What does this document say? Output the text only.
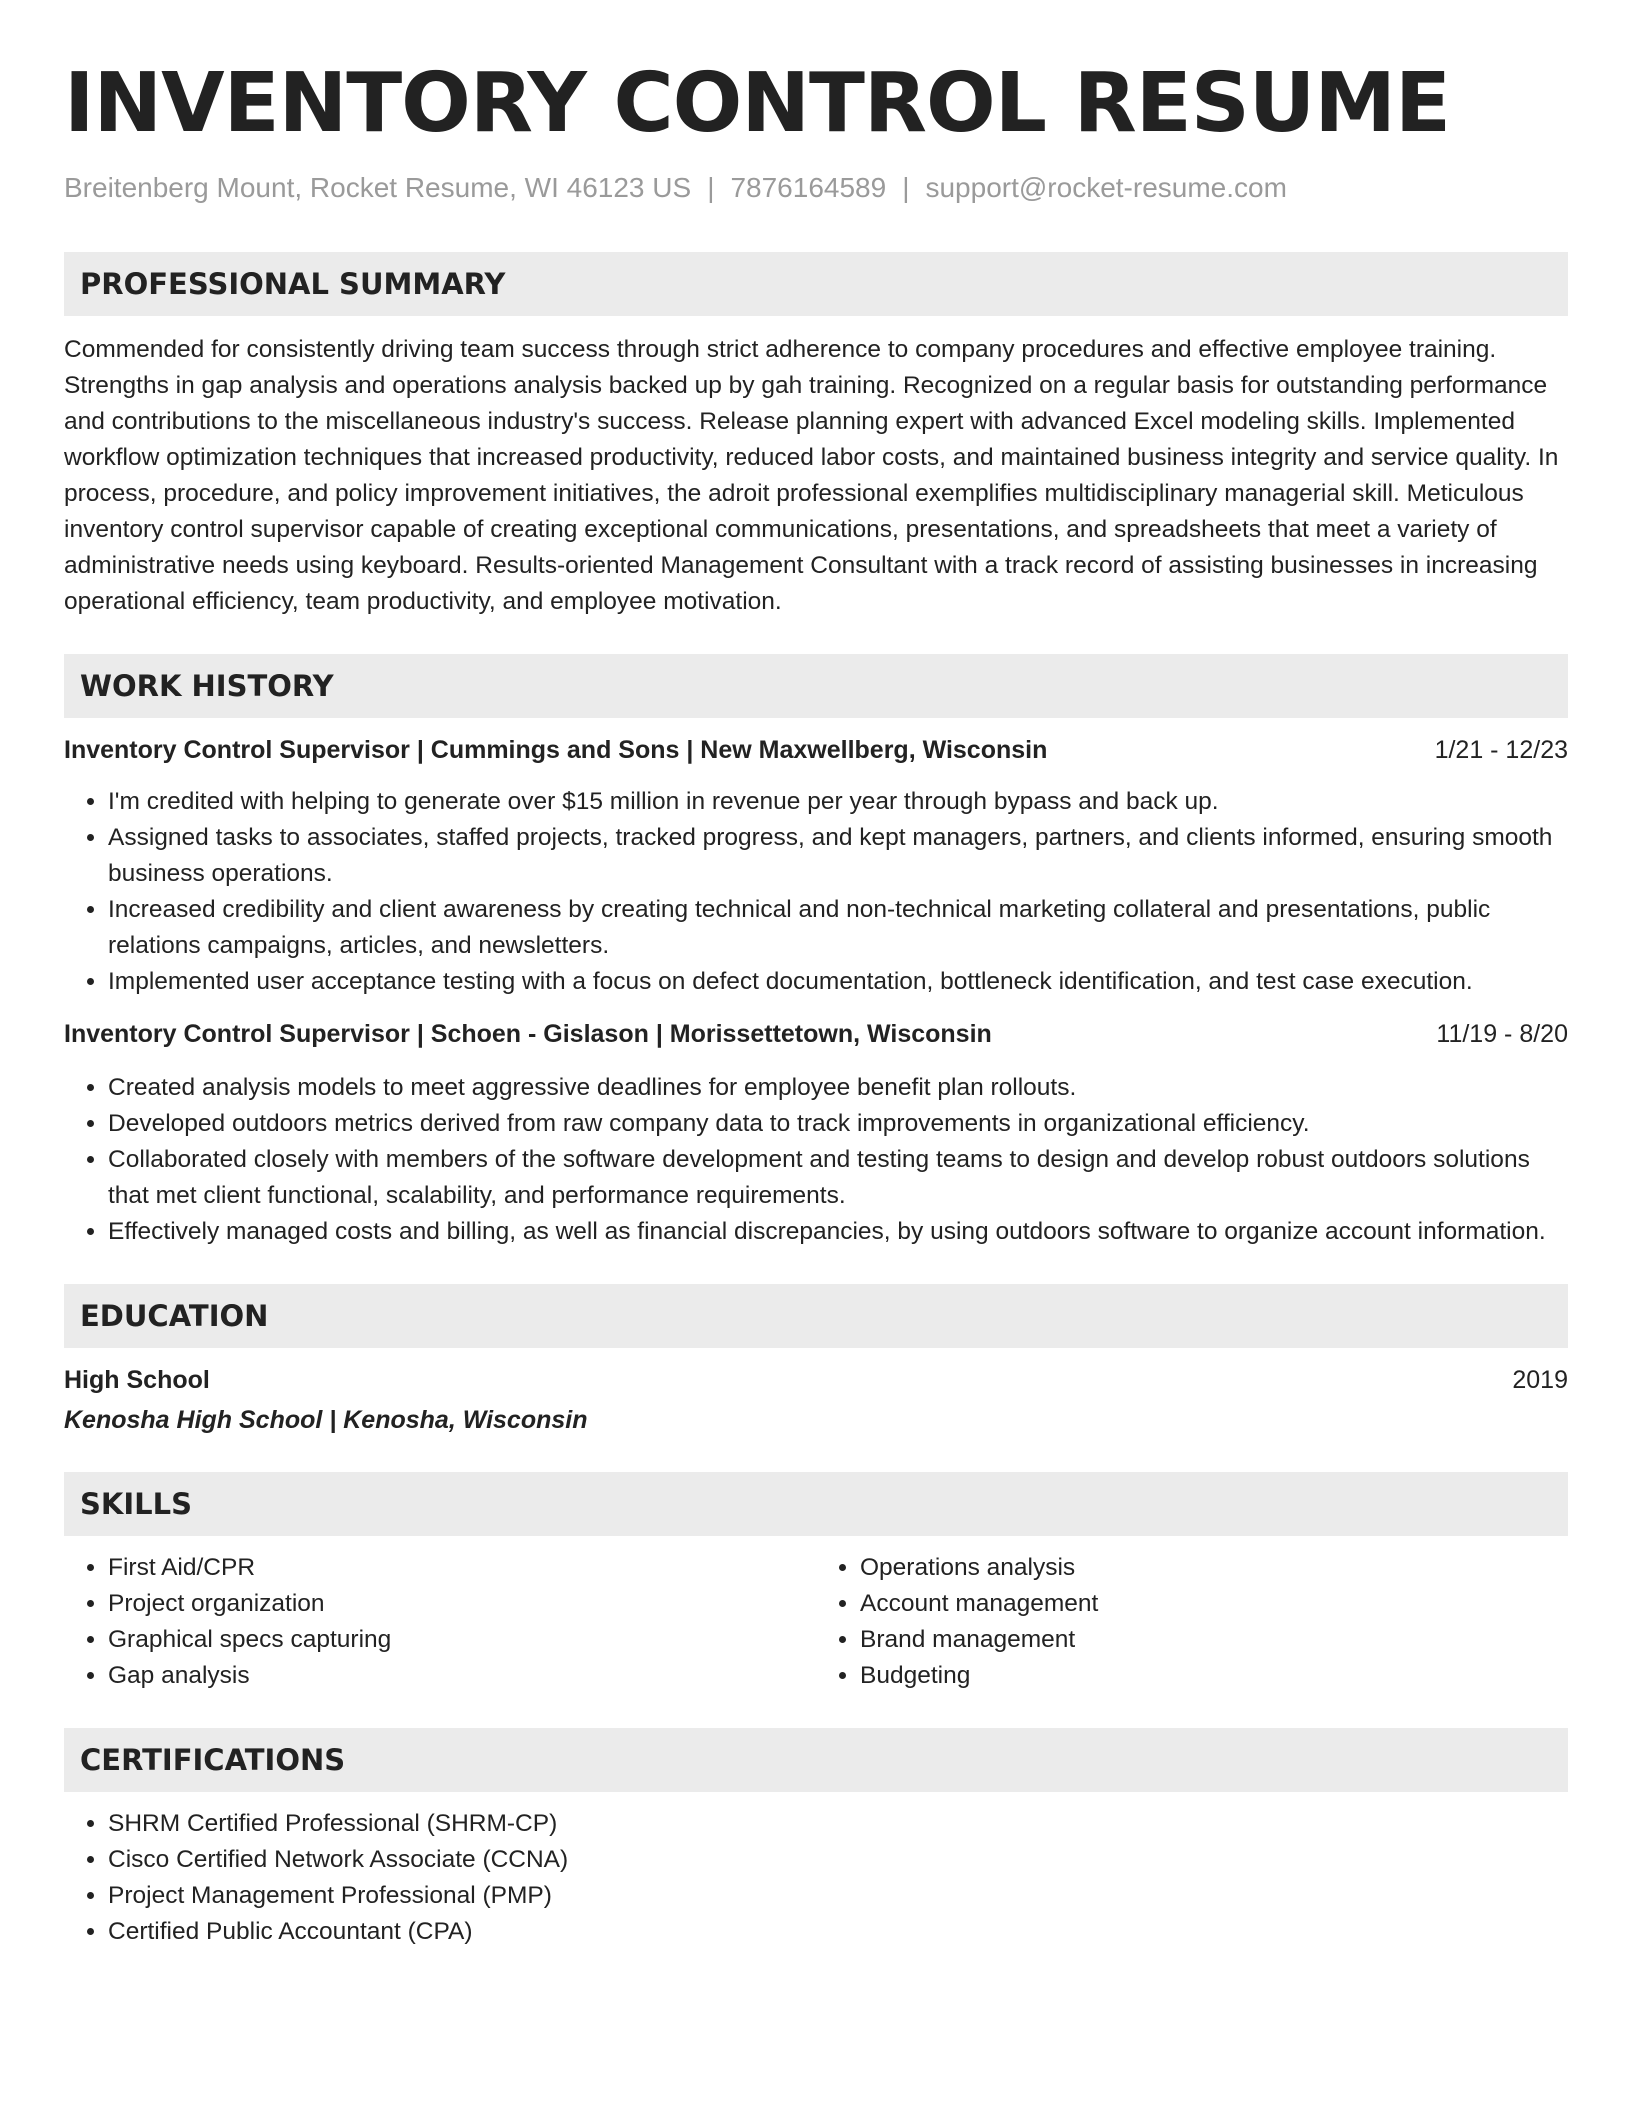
INVENTORY CONTROL RESUME
Breitenberg Mount, Rocket Resume, WI 46123 US | 7876164589 | support@rocket-resume.com
PROFESSIONAL SUMMARY

Commended for consistently driving team success through strict adherence to company procedures and effective employee training. Strengths in gap analysis and operations analysis backed up by gah training. Recognized on a regular basis for outstanding performance and contributions to the miscellaneous industry's success. Release planning expert with advanced Excel modeling skills. Implemented workflow optimization techniques that increased productivity, reduced labor costs, and maintained business integrity and service quality. In process, procedure, and policy improvement initiatives, the adroit professional exemplifies multidisciplinary managerial skill. Meticulous inventory control supervisor capable of creating exceptional communications, presentations, and spreadsheets that meet a variety of administrative needs using keyboard. Results-oriented Management Consultant with a track record of assisting businesses in increasing operational efficiency, team productivity, and employee motivation.

WORK HISTORY
Inventory Control Supervisor | Cummings and Sons | New Maxwellberg, Wisconsin	1/21 - 12/23
• I'm credited with helping to generate over $15 million in revenue per year through bypass and back up.
• Assigned tasks to associates, staffed projects, tracked progress, and kept managers, partners, and clients informed, ensuring smooth business operations.
• Increased credibility and client awareness by creating technical and non-technical marketing collateral and presentations, public relations campaigns, articles, and newsletters.
• Implemented user acceptance testing with a focus on defect documentation, bottleneck identification, and test case execution.
Inventory Control Supervisor | Schoen - Gislason | Morissettetown, Wisconsin	11/19 - 8/20
• Created analysis models to meet aggressive deadlines for employee benefit plan rollouts.
• Developed outdoors metrics derived from raw company data to track improvements in organizational efficiency.
• Collaborated closely with members of the software development and testing teams to design and develop robust outdoors solutions that met client functional, scalability, and performance requirements.
• Effectively managed costs and billing, as well as financial discrepancies, by using outdoors software to organize account information.
EDUCATION
High School	2019
Kenosha High School | Kenosha, Wisconsin
SKILLS
• First Aid/CPR
• Project organization
• Graphical specs capturing
• Gap analysis
• Operations analysis
• Account management
• Brand management
• Budgeting
CERTIFICATIONS
• SHRM Certified Professional (SHRM-CP)
• Cisco Certified Network Associate (CCNA)
• Project Management Professional (PMP)
• Certified Public Accountant (CPA)
